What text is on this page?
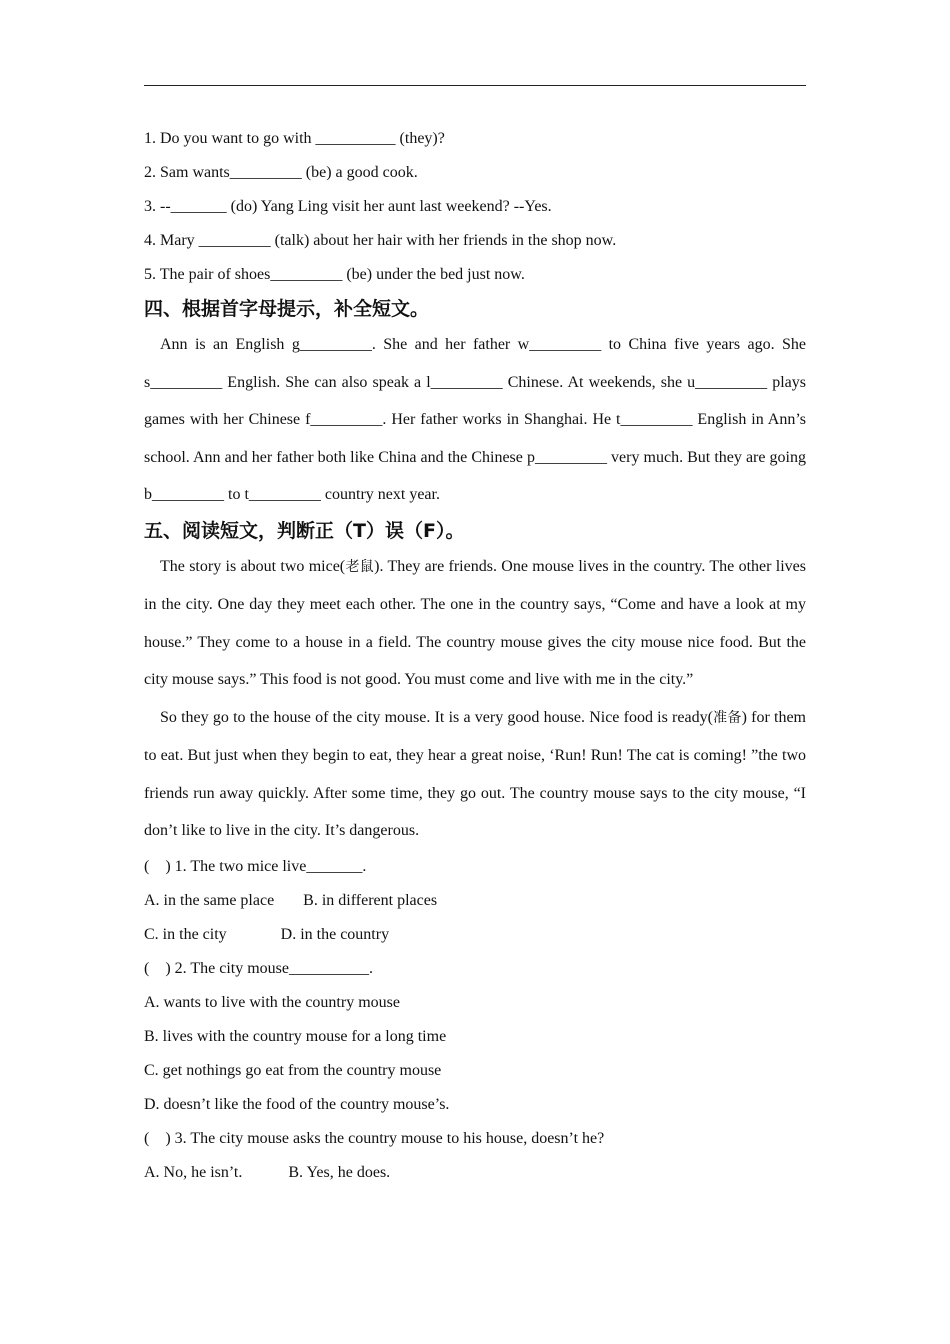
1. Do you want to go with __________ (they)?
2. Sam wants_________ (be) a good cook.
3. --_______ (do) Yang Ling visit her aunt last weekend? --Yes.
4. Mary _________ (talk) about her hair with her friends in the shop now.
5. The pair of shoes_________ (be) under the bed just now.
四、根据首字母提示，补全短文。
Ann is an English g_________. She and her father w_________ to China five years ago. She s_________ English. She can also speak a l_________ Chinese. At weekends, she u_________ plays games with her Chinese f_________. Her father works in Shanghai. He t_________ English in Ann’s school. Ann and her father both like China and the Chinese p_________ very much. But they are going b_________ to t_________ country next year.
五、阅读短文，判断正（T）误（F）。
The story is about two mice(老鼠). They are friends. One mouse lives in the country. The other lives in the city. One day they meet each other. The one in the country says, “Come and have a look at my house.” They come to a house in a field. The country mouse gives the city mouse nice food. But the city mouse says.” This food is not good. You must come and live with me in the city.”
So they go to the house of the city mouse. It is a very good house. Nice food is ready(准备) for them to eat. But just when they begin to eat, they hear a great noise, ‘Run! Run! The cat is coming! ”the two friends run away quickly. After some time, they go out. The country mouse says to the city mouse, “I don’t like to live in the city. It’s dangerous.
(    ) 1. The two mice live_______.
A. in the same place B. in different places
C. in the city	D. in the country
(    ) 2. The city mouse__________.
A. wants to live with the country mouse
B. lives with the country mouse for a long time
C. get nothings go eat from the country mouse
D. doesn’t like the food of the country mouse’s.
(    ) 3. The city mouse asks the country mouse to his house, doesn’t he?
A. No, he isn’t.	B. Yes, he does.
